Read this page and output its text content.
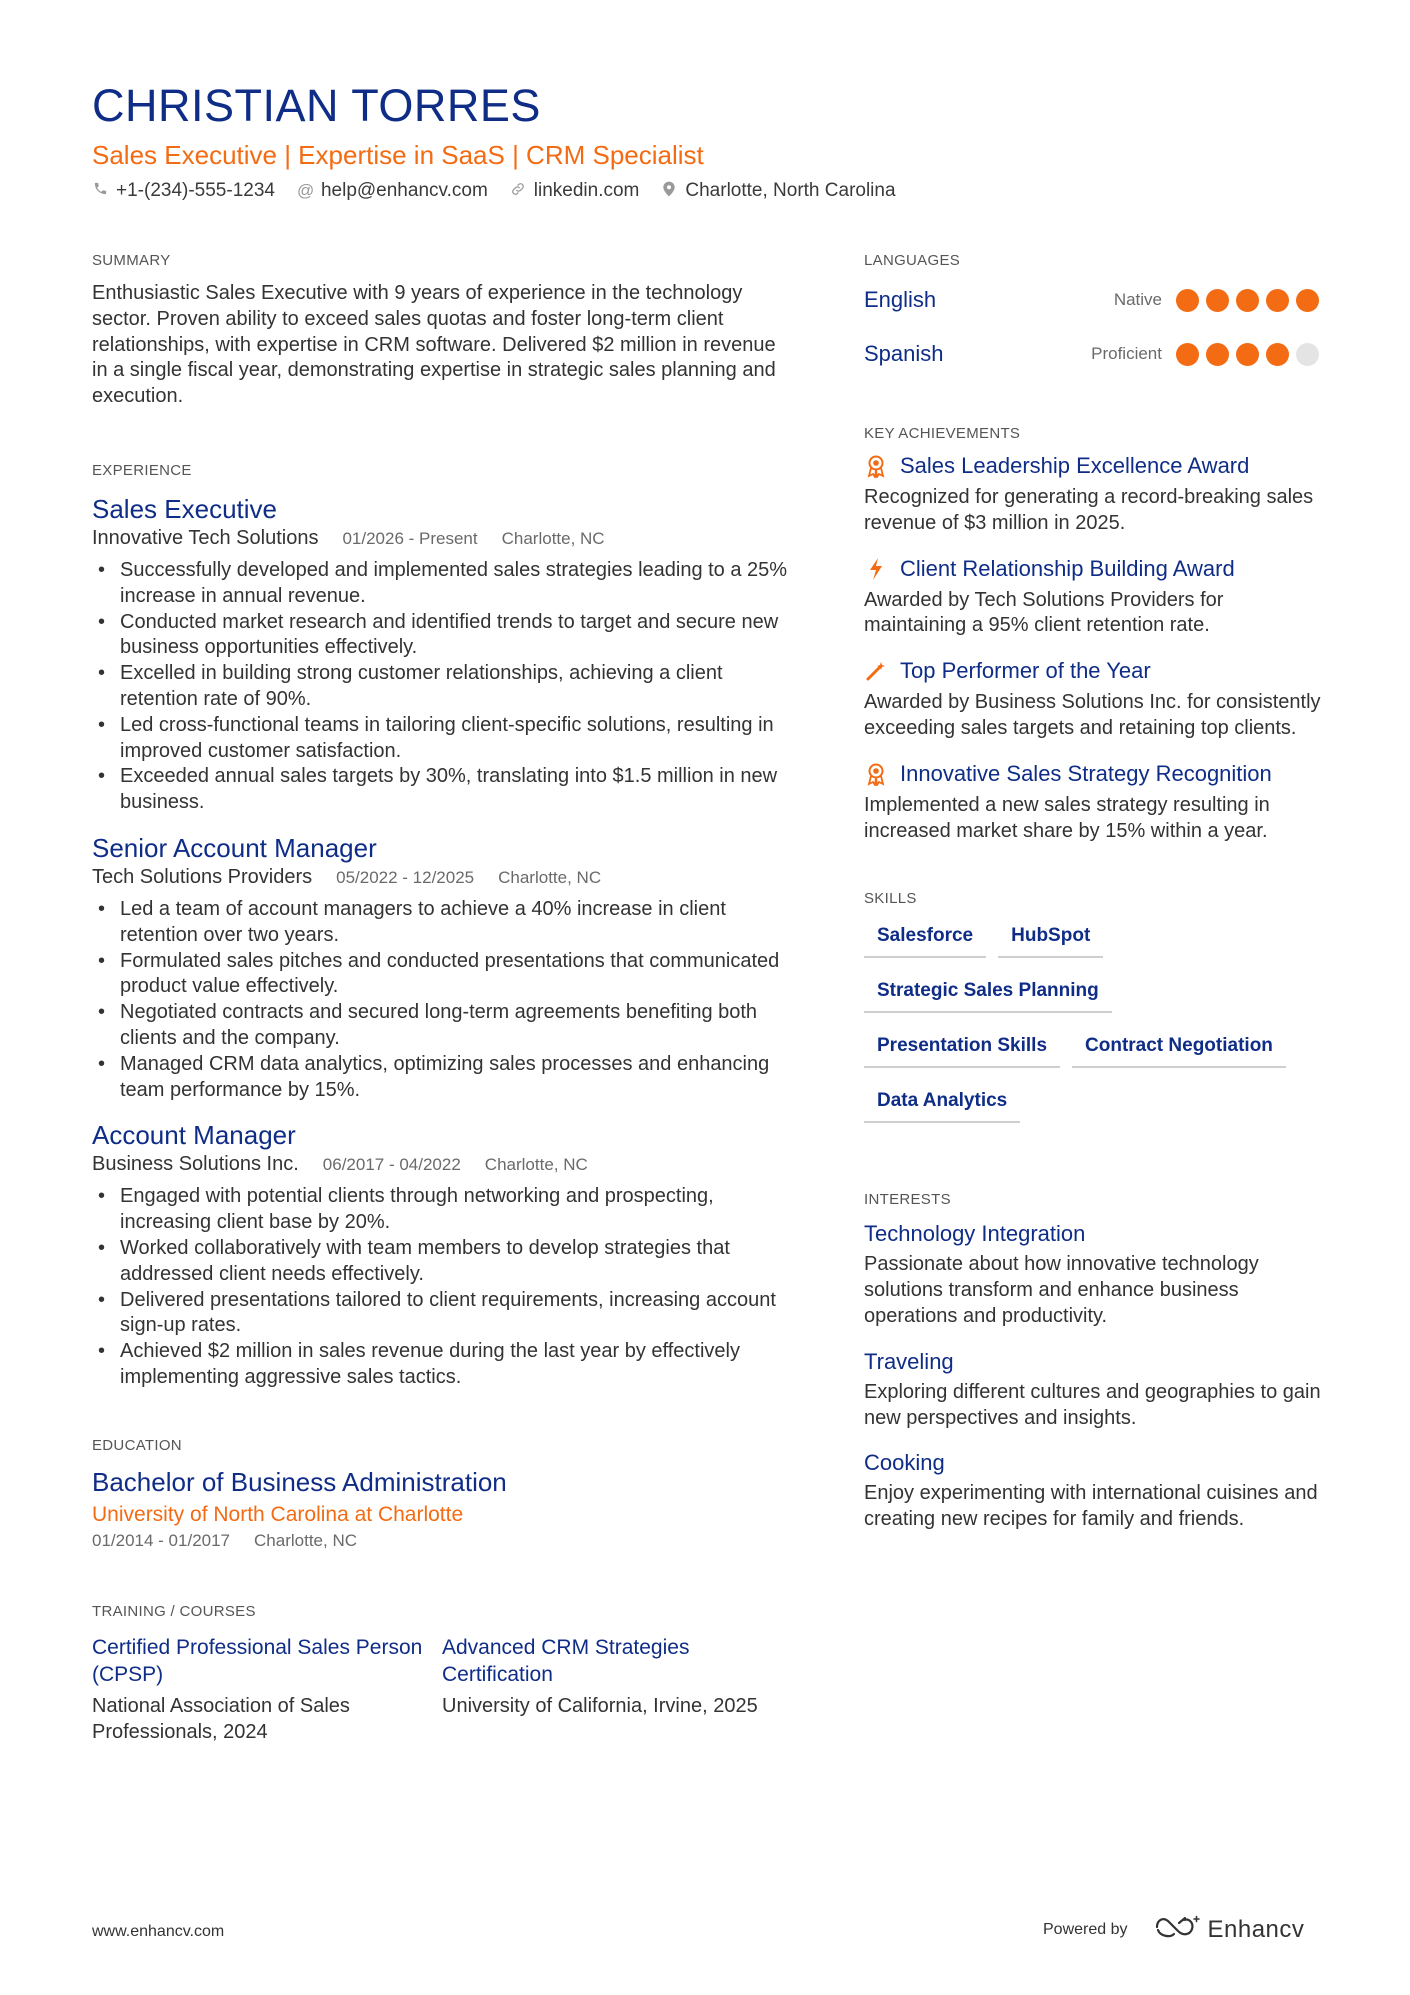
CHRISTIAN TORRES
Sales Executive | Expertise in SaaS | CRM Specialist
+1-(234)-555-1234 @ help@enhancv.com linkedin.com Charlotte, North Carolina
SUMMARY
Enthusiastic Sales Executive with 9 years of experience in the technology sector. Proven ability to exceed sales quotas and foster long-term client relationships, with expertise in CRM software. Delivered $2 million in revenue in a single fiscal year, demonstrating expertise in strategic sales planning and execution.
EXPERIENCE
Sales Executive
Innovative Tech Solutions 01/2026 - Present Charlotte, NC
• Successfully developed and implemented sales strategies leading to a 25% increase in annual revenue.
• Conducted market research and identified trends to target and secure new business opportunities effectively.
• Excelled in building strong customer relationships, achieving a client retention rate of 90%.
• Led cross-functional teams in tailoring client-specific solutions, resulting in improved customer satisfaction.
• Exceeded annual sales targets by 30%, translating into $1.5 million in new business.
Senior Account Manager
Tech Solutions Providers 05/2022 - 12/2025 Charlotte, NC
• Led a team of account managers to achieve a 40% increase in client retention over two years.
• Formulated sales pitches and conducted presentations that communicated product value effectively.
• Negotiated contracts and secured long-term agreements benefiting both clients and the company.
• Managed CRM data analytics, optimizing sales processes and enhancing team performance by 15%.
Account Manager
Business Solutions Inc. 06/2017 - 04/2022 Charlotte, NC
• Engaged with potential clients through networking and prospecting, increasing client base by 20%.
• Worked collaboratively with team members to develop strategies that addressed client needs effectively.
• Delivered presentations tailored to client requirements, increasing account sign-up rates.
• Achieved $2 million in sales revenue during the last year by effectively implementing aggressive sales tactics.
EDUCATION
Bachelor of Business Administration
University of North Carolina at Charlotte
01/2014 - 01/2017 Charlotte, NC
TRAINING / COURSES
Certified Professional Sales Person (CPSP)
National Association of Sales Professionals, 2024
Advanced CRM Strategies Certification
University of California, Irvine, 2025
LANGUAGES
English	Native
Spanish	Proficient
KEY ACHIEVEMENTS
Sales Leadership Excellence Award
Recognized for generating a record-breaking sales revenue of $3 million in 2025.
Client Relationship Building Award
Awarded by Tech Solutions Providers for maintaining a 95% client retention rate.
Top Performer of the Year
Awarded by Business Solutions Inc. for consistently exceeding sales targets and retaining top clients.
Innovative Sales Strategy Recognition
Implemented a new sales strategy resulting in increased market share by 15% within a year.
SKILLS
Salesforce	HubSpot
Strategic Sales Planning
Presentation Skills	Contract Negotiation
Data Analytics
INTERESTS
Technology Integration
Passionate about how innovative technology solutions transform and enhance business operations and productivity.
Traveling
Exploring different cultures and geographies to gain new perspectives and insights.
Cooking
Enjoy experimenting with international cuisines and creating new recipes for family and friends.
www.enhancv.com	Powered by	Enhancv
